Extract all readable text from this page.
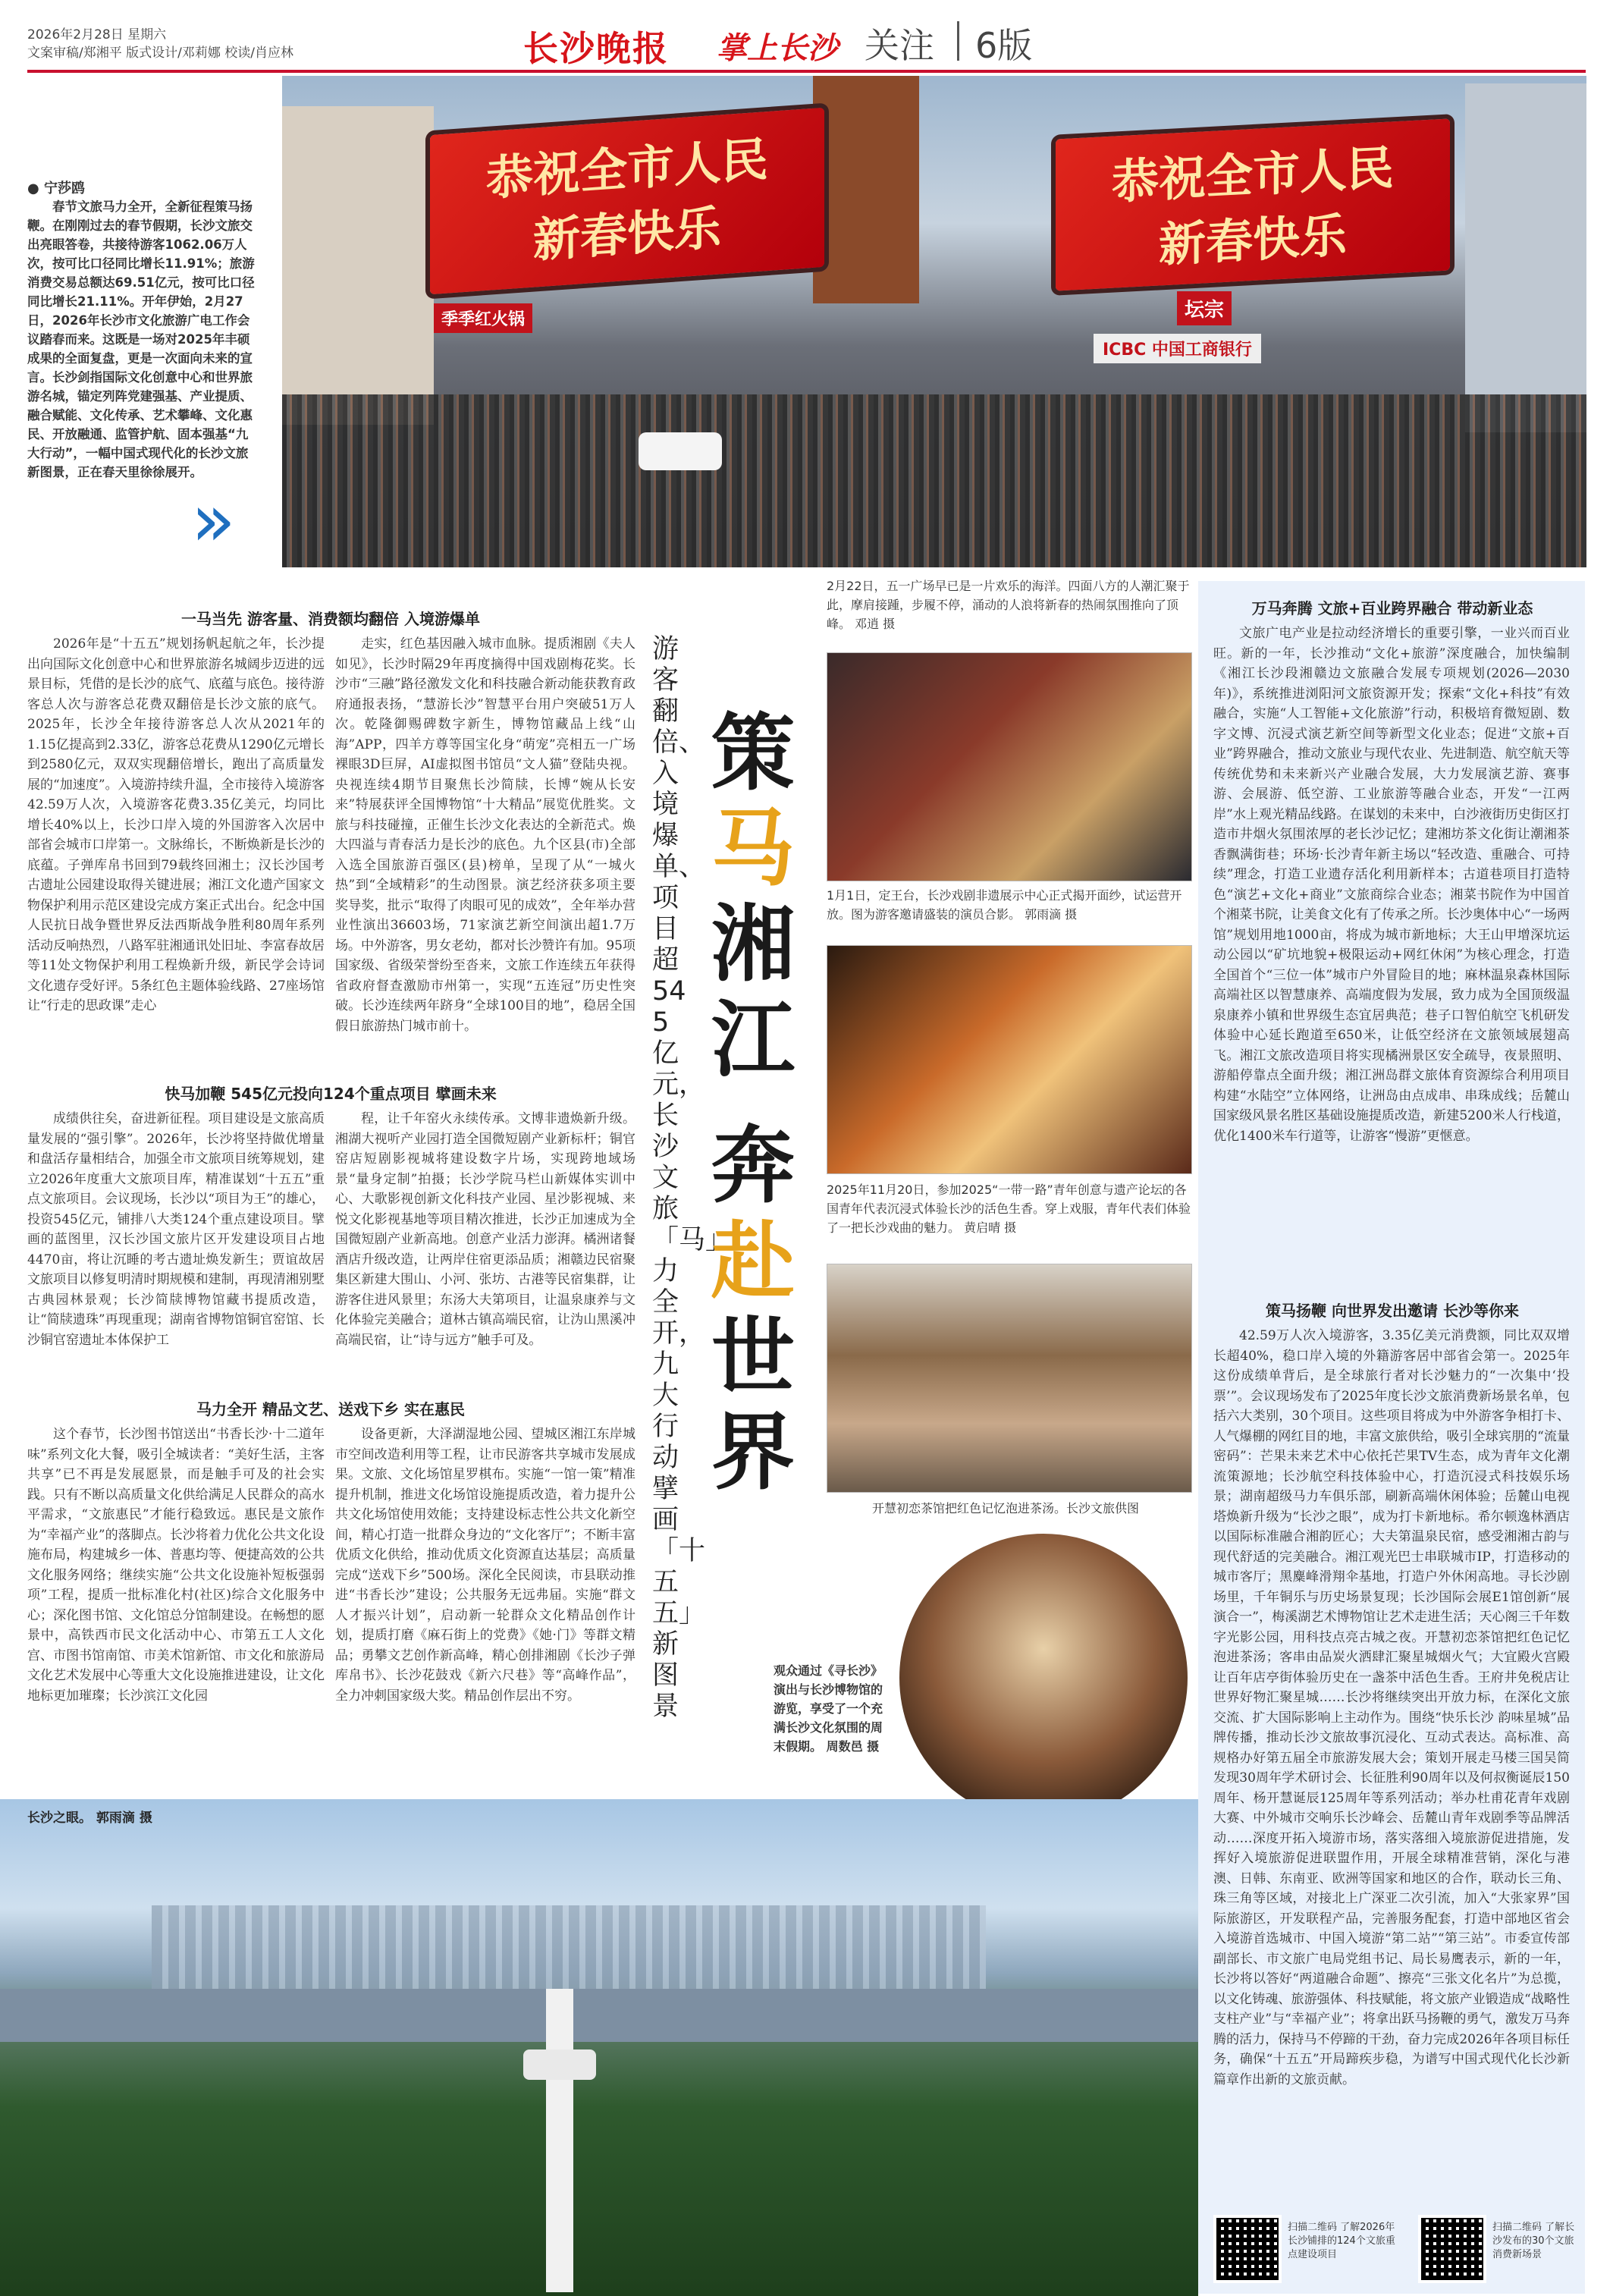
2026年2月28日 星期六
文案审稿/郑湘平 版式设计/邓莉娜 校读/肖应林	长沙晚报 掌上长沙 关注 6版
恭祝全市人民 新春快乐
恭祝全市人民 新春快乐
季季红火锅	坛宗
ICBC 中国工商银行
● 宁莎鸥
春节文旅马力全开，全新征程策马扬鞭。在刚刚过去的春节假期，长沙文旅交出亮眼答卷，共接待游客1062.06万人次，按可比口径同比增长11.91%；旅游消费交易总额达69.51亿元，按可比口径同比增长21.11%。开年伊始，2月27日，2026年长沙市文化旅游广电工作会议踏春而来。这既是一场对2025年丰硕成果的全面复盘，更是一次面向未来的宣言。长沙剑指国际文化创意中心和世界旅游名城，锚定列阵党建强基、产业提质、融合赋能、文化传承、艺术攀峰、文化惠民、开放融通、监管护航、固本强基“九大行动”，一幅中国式现代化的长沙文旅新图景，正在春天里徐徐展开。
»
一马当先 游客量、消费额均翻倍 入境游爆单

2026年是“十五五”规划扬帆起航之年，长沙提出向国际文化创意中心和世界旅游名城阔步迈进的远景目标，凭借的是长沙的底气、底蕴与底色。接待游客总人次与游客总花费双翻倍是长沙文旅的底气。2025年，长沙全年接待游客总人次从2021年的1.15亿提高到2.33亿，游客总花费从1290亿元增长到2580亿元，双双实现翻倍增长，跑出了高质量发展的“加速度”。入境游持续升温，全市接待入境游客42.59万人次，入境游客花费3.35亿美元，均同比增长40%以上，长沙口岸入境的外国游客入次居中部省会城市口岸第一。文脉绵长，不断焕新是长沙的底蕴。子弹库帛书回到79载终回湘土；汉长沙国考古遗址公园建设取得关键进展；湘江文化遗产国家文物保护利用示范区建设完成方案正式出台。纪念中国人民抗日战争暨世界反法西斯战争胜利80周年系列活动反响热烈，八路军驻湘通讯处旧址、李富春故居等11处文物保护利用工程焕新升级，新民学会诗词文化遗存受好评。5条红色主题体验线路、27座场馆让“行走的思政课”走心

走实，红色基因融入城市血脉。提质湘剧《夫人如见》，长沙时隔29年再度摘得中国戏剧梅花奖。长沙市“三融”路径激发文化和科技融合新动能获教育政府通报表扬，“慧游长沙”智慧平台用户突破51万人次。乾隆御赐碑数字新生，博物馆藏品上线“山海”APP，四羊方尊等国宝化身“萌宠”亮相五一广场裸眼3D巨屏，AI虚拟图书馆员“文人猫”登陆央视。央视连续4期节目聚焦长沙简牍，长博“婉从长安来”特展获评全国博物馆“十大精品”展览优胜奖。文旅与科技碰撞，正催生长沙文化表达的全新范式。焕大四溢与青春活力是长沙的底色。九个区县(市)全部入选全国旅游百强区(县)榜单，呈现了从“一城火热”到“全域精彩”的生动图景。演艺经济获多项主要奖导奖，批示“取得了肉眼可见的成效”，全年举办营业性演出36603场，71家演艺新空间演出超1.7万场。中外游客，男女老幼，都对长沙赞许有加。95项国家级、省级荣誉纷至沓来，文旅工作连续五年获得省政府督查激励市州第一，实现“五连冠”历史性突破。长沙连续两年跻身“全球100目的地”，稳居全国假日旅游热门城市前十。

快马加鞭 545亿元投向124个重点项目 擘画未来

成绩供往矣，奋进新征程。项目建设是文旅高质量发展的“强引擎”。2026年，长沙将坚持做优增量和盘活存量相结合，加强全市文旅项目统筹规划，建立2026年度重大文旅项目库，精准谋划“十五五”重点文旅项目。会议现场，长沙以“项目为王”的雄心，投资545亿元，铺排八大类124个重点建设项目。擘画的蓝图里，汉长沙国文旅片区开发建设项目占地4470亩，将让沉睡的考古遗址焕发新生；贾谊故居文旅项目以修复明清时期规模和建制，再现清湘别墅古典园林景观；长沙简牍博物馆藏书提质改造，让“简牍遗珠”再现重现；湖南省博物馆铜官窑馆、长沙铜官窑遗址本体保护工

程，让千年窑火永续传承。文博非遗焕新升级。湘湖大视听产业园打造全国微短剧产业新标杆；铜官窑店短剧影视城将建设数字片场，实现跨地域场景“量身定制”拍摄；长沙学院马栏山新媒体实训中心、大歌影视创新文化科技产业园、星沙影视城、来悦文化影视基地等项目精次推进，长沙正加速成为全国微短剧产业新高地。创意产业活力澎湃。橘洲诸餐酒店升级改造，让两岸住宿更添品质；湘赣边民宿聚集区新建大围山、小河、张坊、古港等民宿集群，让游客住进风景里；东汤大夫第项目，让温泉康养与文化体验完美融合；道林古镇高端民宿，让沩山黑溪冲高端民宿，让“诗与远方”触手可及。

马力全开 精品文艺、送戏下乡 实在惠民

这个春节，长沙图书馆送出“书香长沙·十二道年味”系列文化大餐，吸引全城读者：“美好生活，主客共享”已不再是发展愿景，而是触手可及的社会实践。只有不断以高质量文化供给满足人民群众的高水平需求，“文旅惠民”才能行稳致远。惠民是文旅作为“幸福产业”的落脚点。长沙将着力优化公共文化设施布局，构建城乡一体、普惠均等、便捷高效的公共文化服务网络；继续实施“公共文化设施补短板强弱项”工程，提质一批标准化村(社区)综合文化服务中心；深化图书馆、文化馆总分馆制建设。在畅想的愿景中，高铁西市民文化活动中心、市第五工人文化宫、市图书馆南馆、市美术馆新馆、市文化和旅游局文化艺术发展中心等重大文化设施推进建设，让文化地标更加璀璨；长沙滨江文化园

设备更新，大泽湖湿地公园、望城区湘江东岸城市空间改造利用等工程，让市民游客共享城市发展成果。文旅、文化场馆星罗棋布。实施“一馆一策”精准提升机制，推进文化场馆设施提质改造，着力提升公共文化场馆使用效能；支持建设标志性公共文化新空间，精心打造一批群众身边的“文化客厅”；不断丰富优质文化供给，推动优质文化资源直达基层；高质量完成“送戏下乡”500场。深化全民阅读，市县联动推进“书香长沙”建设；公共服务无远弗届。实施“群文人才振兴计划”，启动新一轮群众文化精品创作计划，提质打磨《麻石街上的党费》《她·门》等群文精品；勇攀文艺创作新高峰，精心创排湘剧《长沙子弹库帛书》、长沙花鼓戏《新六尺巷》等“高峰作品”，全力冲刺国家级大奖。精品创作层出不穷。

游客翻倍、入境爆单、项目超545亿元，长沙文旅「马」力全开，九大行动擘画「十五五」新图景
策
马
湘
江
奔
赴
世
界
2月22日，五一广场早已是一片欢乐的海洋。四面八方的人潮汇聚于此，摩肩接踵，步履不停，涌动的人浪将新春的热闹氛围推向了顶峰。 邓逍 摄
1月1日，定王台，长沙戏剧非遗展示中心正式揭开面纱，试运营开放。图为游客邀请盛装的演员合影。 郭雨滴 摄
2025年11月20日，参加2025“一带一路”青年创意与遗产论坛的各国青年代表沉浸式体验长沙的活色生香。穿上戏服，青年代表们体验了一把长沙戏曲的魅力。 黄启晴 摄
开慧初恋茶馆把红色记忆泡进茶汤。长沙文旅供图
观众通过《寻长沙》演出与长沙博物馆的游览，享受了一个充满长沙文化氛围的周末假期。 周数邑 摄
长沙之眼。 郭雨滴 摄
万马奔腾 文旅+百业跨界融合 带动新业态

文旅广电产业是拉动经济增长的重要引擎，一业兴而百业旺。新的一年，长沙推动“文化+旅游”深度融合，加快编制《湘江长沙段湘赣边文旅融合发展专项规划(2026—2030年)》，系统推进浏阳河文旅资源开发；探索“文化+科技”有效融合，实施“人工智能+文化旅游”行动，积极培育微短剧、数字文博、沉浸式演艺新空间等新型文化业态；促进“文旅+百业”跨界融合，推动文旅业与现代农业、先进制造、航空航天等传统优势和未来新兴产业融合发展，大力发展演艺游、赛事游、会展游、低空游、工业旅游等融合业态，开发“一江两岸”水上观光精品线路。在谋划的未来中，白沙液街历史街区打造市井烟火氛围浓厚的老长沙记忆；建湘坊茶文化街让潮湘茶香飘满街巷；环场·长沙青年新主场以“轻改造、重融合、可持续”理念，打造工业遗存活化利用新样本；古道巷项目打造特色“演艺+文化+商业”文旅商综合业态；湘菜书院作为中国首个湘菜书院，让美食文化有了传承之所。长沙奥体中心“一场两馆”规划用地1000亩，将成为城市新地标；大王山甲增深坑运动公园以“矿坑地貌+极限运动+网红休闲”为核心理念，打造全国首个“三位一体”城市户外冒险目的地；麻林温泉森林国际高端社区以智慧康养、高端度假为发展，致力成为全国顶级温泉康养小镇和世界级生态宜居典范；巷子口智伯航空飞机研发体验中心延长跑道至650米，让低空经济在文旅领域展翅高飞。湘江文旅改造项目将实现橘洲景区安全疏导，夜景照明、游船停靠点全面升级；湘江洲岛群文旅体育资源综合利用项目构建“水陆空”立体网络，让洲岛由点成串、串珠成线；岳麓山国家级风景名胜区基础设施提质改造，新建5200米人行栈道，优化1400米车行道等，让游客“慢游”更惬意。

策马扬鞭 向世界发出邀请 长沙等你来

42.59万人次入境游客，3.35亿美元消费额，同比双双增长超40%，稳口岸入境的外籍游客居中部省会第一。2025年这份成绩单背后，是全球旅行者对长沙魅力的“一次集中‘投票’”。会议现场发布了2025年度长沙文旅消费新场景名单，包括六大类别，30个项目。这些项目将成为中外游客争相打卡、人气爆棚的网红目的地，丰富文旅供给，吸引全球宾朋的“流量密码”：芒果未来艺术中心依托芒果TV生态，成为青年文化潮流策源地；长沙航空科技体验中心，打造沉浸式科技娱乐场景；湖南超级马力车俱乐部，刷新高端休闲体验；岳麓山电视塔焕新升级为“长沙之眼”，成为打卡新地标。希尔顿逸林酒店以国际标准融合湘韵匠心；大夫第温泉民宿，感受湘湘古韵与现代舒适的完美融合。湘江观光巴士串联城市IP，打造移动的城市客厅；黑麋峰滑翔伞基地，打造户外休闲高地。寻长沙剧场里，千年铜乐与历史场景复现；长沙国际会展E1馆创新“展演合一”，梅溪湖艺术博物馆让艺术走进生活；天心阁三千年数字光影公园，用科技点亮古城之夜。开慧初恋茶馆把红色记忆泡进茶汤；客串由品炭火洒肆汇聚星城烟火气；大宜殿火宫殿让百年店亭街体验历史在一盏茶中活色生香。王府井免税店让世界好物汇聚星城……长沙将继续突出开放力标，在深化文旅交流、扩大国际影响上主动作为。围绕“快乐长沙 韵味星城”品牌传播，推动长沙文旅故事沉浸化、互动式表达。高标准、高规格办好第五届全市旅游发展大会；策划开展走马楼三国吴简发现30周年学术研讨会、长征胜利90周年以及何叔衡诞辰150周年、杨开慧诞辰125周年等系列活动；举办杜甫花青年戏剧大赛、中外城市交响乐长沙峰会、岳麓山青年戏剧季等品牌活动……深度开拓入境游市场，落实落细入境旅游促进措施，发挥好入境旅游促进联盟作用，开展全球精准营销，深化与港澳、日韩、东南亚、欧洲等国家和地区的合作，联动长三角、珠三角等区域，对接北上广深亚二次引流，加入“大张家界”国际旅游区，开发联程产品，完善服务配套，打造中部地区省会入境游首选城市、中国入境游“第二站”“第三站”。市委宣传部副部长、市文旅广电局党组书记、局长易鹰表示，新的一年，长沙将以答好“两道融合命题”、擦亮“三张文化名片”为总揽，以文化铸魂、旅游强体、科技赋能，将文旅产业锻造成“战略性支柱产业”与“幸福产业”；将拿出跃马扬鞭的勇气，激发万马奔腾的活力，保持马不停蹄的干劲，奋力完成2026年各项目标任务，确保“十五五”开局蹄疾步稳，为谱写中国式现代化长沙新篇章作出新的文旅贡献。

扫描二维码 了解2026年长沙铺排的124个文旅重点建设项目
扫描二维码 了解长沙发布的30个文旅消费新场景
